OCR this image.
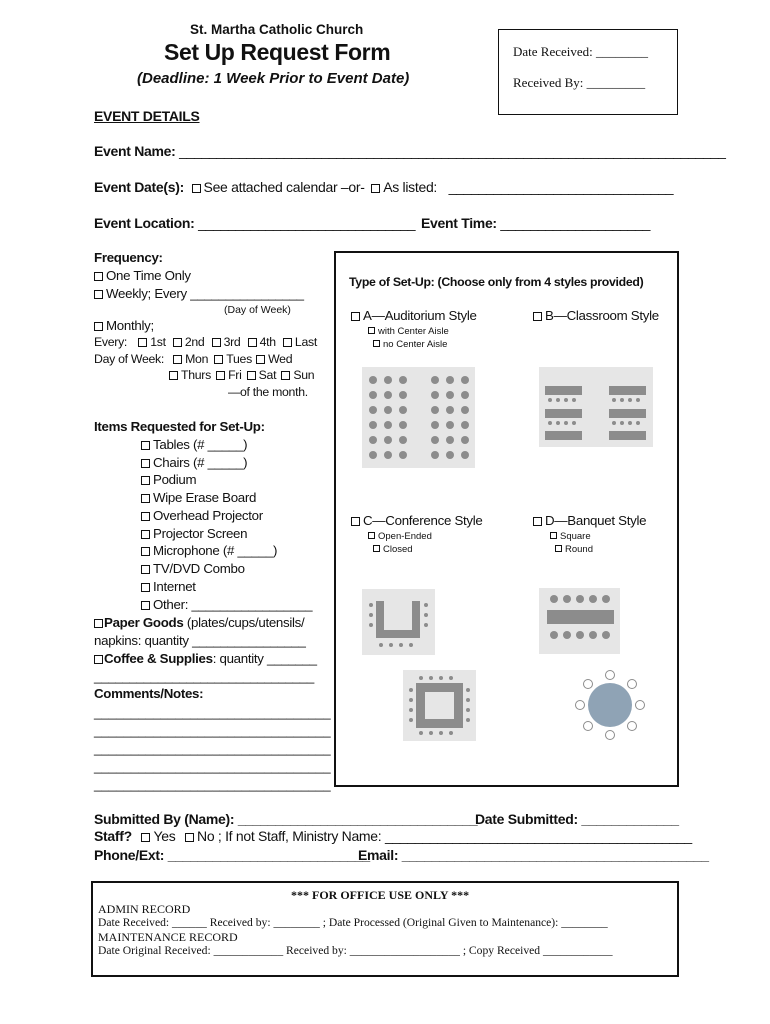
St. Martha Catholic Church
Set Up Request Form
(Deadline: 1 Week Prior to Event Date)
Date Received: ________
Received By: _________
EVENT DETAILS
Event Name: _________________________________________________________________________
Event Date(s): See attached calendar –or- As listed: ______________________________
Event Location: _____________________________ Event Time: ____________________
Frequency:
One Time Only
Weekly; Every ________________
(Day of Week)
Monthly;
Every: 1st 2nd 3rd 4th Last
Day of Week: Mon Tues Wed
Thurs Fri Sat Sun
—of the month.
Items Requested for Set-Up:
Tables (# _____)
Chairs (# _____)
Podium
Wipe Erase Board
Overhead Projector
Projector Screen
Microphone (# _____)
TV/DVD Combo
Internet
Other: _________________
Paper Goods (plates/cups/utensils/
napkins: quantity ________________
Coffee & Supplies: quantity _______
_______________________________
Comments/Notes:
________________________________
________________________________
________________________________
________________________________
________________________________
Type of Set-Up: (Choose only from 4 styles provided)
A—Auditorium Style
with Center Aisle
no Center Aisle
B—Classroom Style
C—Conference Style
Open-Ended
Closed
D—Banquet Style
Square
Round
Submitted By (Name): ________________________________
Date Submitted: _____________
Staff? Yes No ; If not Staff, Ministry Name: _________________________________________
Phone/Ext: ___________________________
Email: _________________________________________
*** FOR OFFICE USE ONLY ***
ADMIN RECORD
Date Received: ______ Received by: ________ ; Date Processed (Original Given to Maintenance): ________
MAINTENANCE RECORD
Date Original Received: ____________ Received by: ___________________ ; Copy Received ____________
